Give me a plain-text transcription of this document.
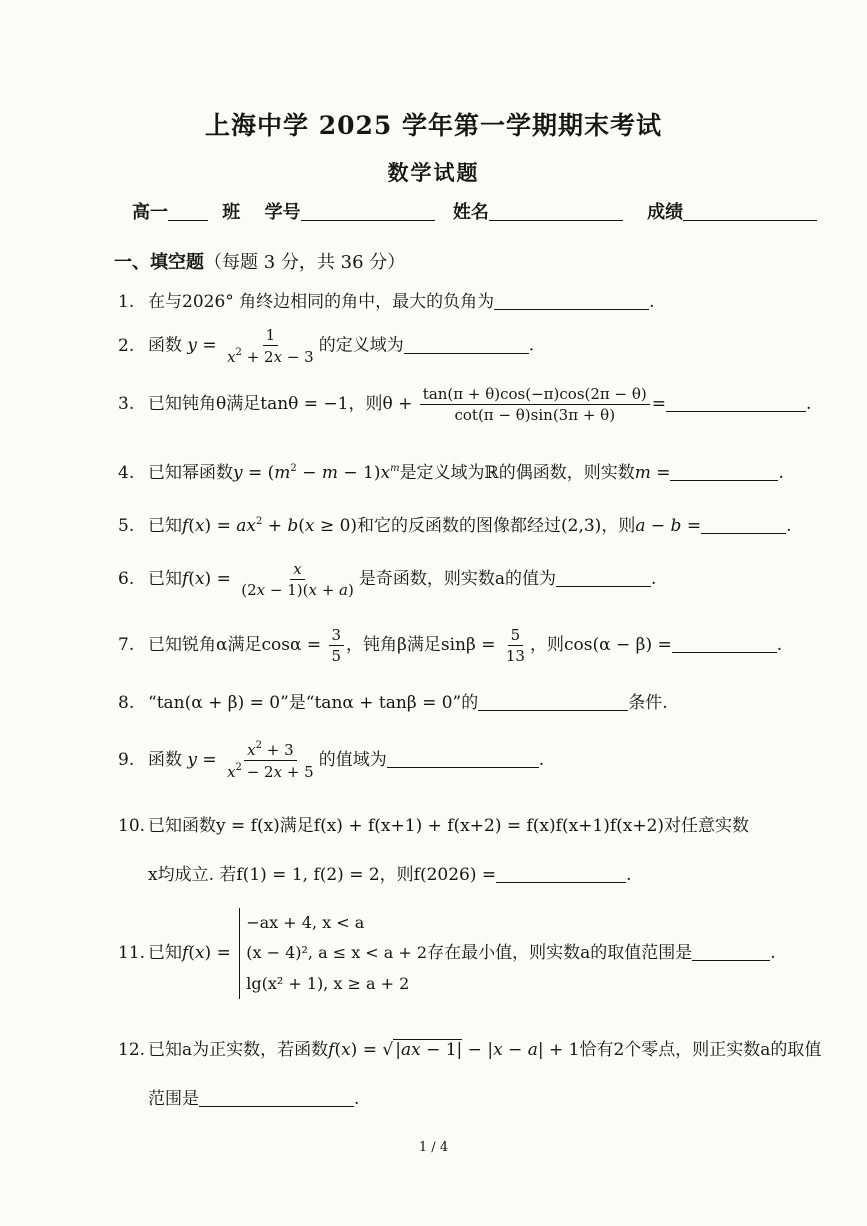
上海中学 2025 学年第一学期期末考试
数学试题
高一	班 学号	姓名	成绩
一、填空题（每题 3 分，共 36 分）
1. 在与2026° 角终边相同的角中，最大的负角为	.
2. 函数 $y = \frac{1}{x^2 + 2x - 3}$ 的定义域为	.
3. 已知钝角θ满足tanθ = −1，则$\theta + \frac{\tan(\pi + \theta)\cos(-\pi)\cos(2\pi - \theta)}{\cot(\pi - \theta)\sin(3\pi + \theta)}$ =	.
4. 已知幂函数$y = (m^2 - m - 1)x^m$是定义域为ℝ的偶函数，则实数m =	.
5. 已知$f(x) = ax^2 + b(x \ge 0)$和它的反函数的图像都经过(2,3)，则a − b =	.
6. 已知$f(x) = \frac{x}{(2x - 1)(x + a)}$ 是奇函数，则实数a的值为	.
7. 已知锐角α满足$\cos\alpha = \frac{3}{5}$ ，钝角β满足$\sin\beta = \frac{5}{13}$ ，则cos(α − β) =	.
8. “tan(α + β) = 0”是“tanα + tanβ = 0”的	条件.
9. 函数 $y = \frac{x^2 + 3}{x^2 - 2x + 5}$ 的值域为	.
10. 已知函数y = f(x)满足f(x) + f(x+1) + f(x+2) = f(x)f(x+1)f(x+2)对任意实数
x均成立. 若f(1) = 1, f(2) = 2，则f(2026) =	.
11. 已知f(x) =
−ax + 4, x < a
(x − 4)², a ≤ x < a + 2
lg(x² + 1), x ≥ a + 2
存在最小值，则实数a的取值范围是	.
12. 已知a为正实数，若函数f(x) = √ |ax − 1| − |x − a| + 1恰有2个零点，则正实数a的取值
范围是	.
1 / 4
